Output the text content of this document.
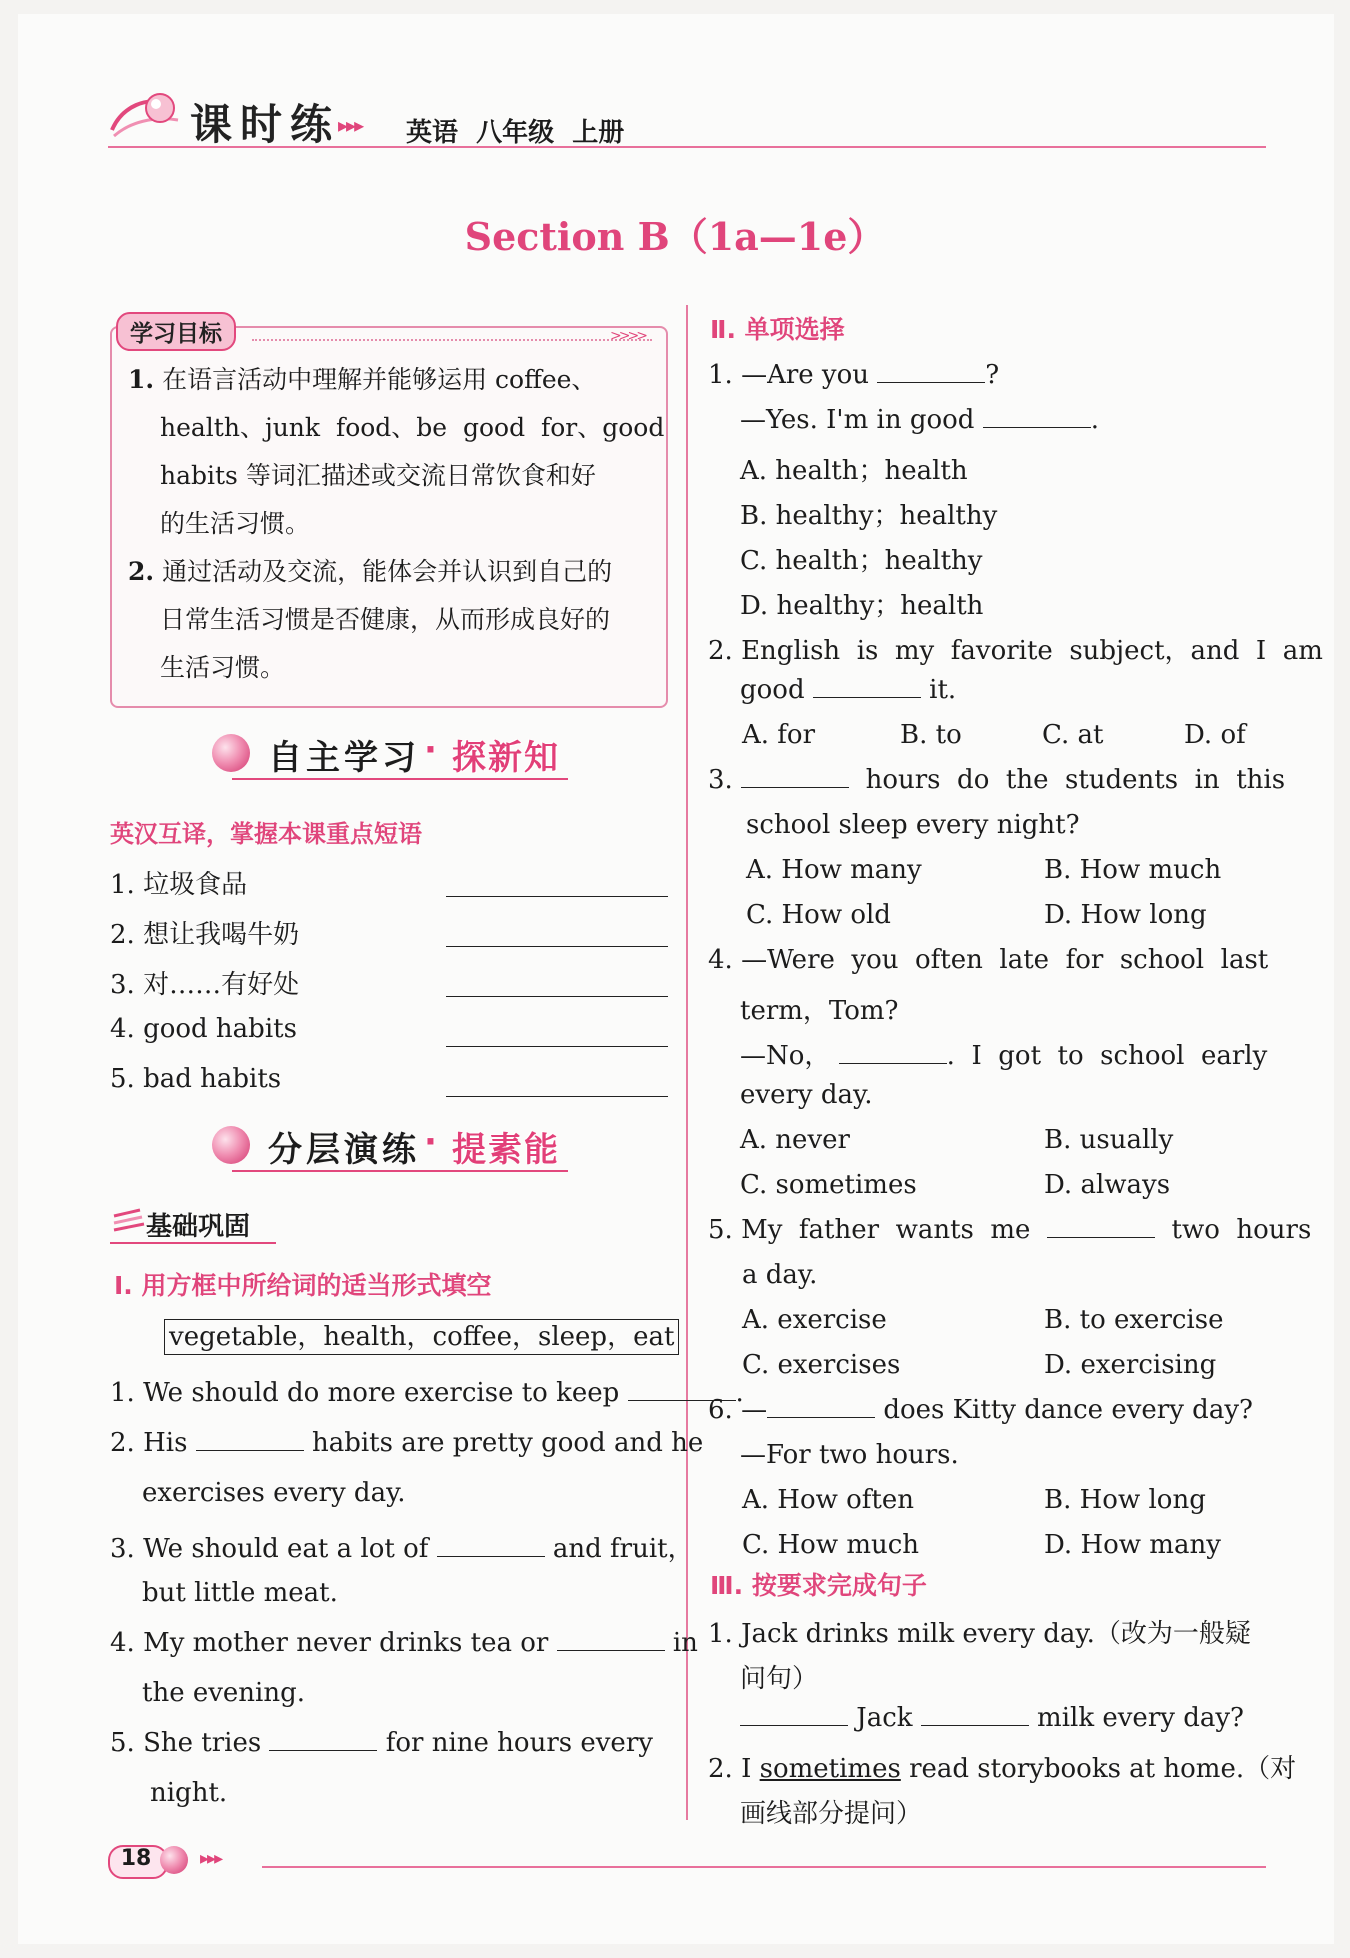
课时练
▸▸▸ 英语  八年级  上册
Section B（1a—1e）
>>>>
学习目标
1. 在语言活动中理解并能够运用 coffee、
health、junk  food、be  good  for、good
habits 等词汇描述或交流日常饮食和好
的生活习惯。
2. 通过活动及交流，能体会并认识到自己的
日常生活习惯是否健康，从而形成良好的
生活习惯。
自主学习 · 探新知
英汉互译，掌握本课重点短语
1. 垃圾食品
2. 想让我喝牛奶
3. 对……有好处
4. good habits
5. bad habits
分层演练 · 提素能
基础巩固
Ⅰ. 用方框中所给词的适当形式填空
vegetable，health，coffee，sleep，eat
1. We should do more exercise to keep	.
2. His	habits are pretty good and he
exercises every day.
3. We should eat a lot of	and fruit，
but little meat.
4. My mother never drinks tea or	in
the evening.
5. She tries	for nine hours every
night.
Ⅱ. 单项选择
1. —Are you	?
—Yes. I'm in good	.
A. health；health
B. healthy；healthy
C. health；healthy
D. healthy；health
2. English  is  my  favorite  subject，and  I  am
good	it.
A. for	B. to	C. at	D. of
3.	hours  do  the  students  in  this
school sleep every night?
A. How many	B. How much
C. How old	D. How long
4. —Were  you  often  late  for  school  last
term，Tom?
—No，	.  I  got  to  school  early
every day.
A. never	B. usually
C. sometimes	D. always
5. My  father  wants  me	two  hours
a day.
A. exercise	B. to exercise
C. exercises	D. exercising
6. —	does Kitty dance every day?
—For two hours.
A. How often	B. How long
C. How much	D. How many
Ⅲ. 按要求完成句子
1. Jack drinks milk every day.（改为一般疑
问句）
Jack	milk every day?
2. I sometimes read storybooks at home.（对
画线部分提问）
18	▸▸▸
